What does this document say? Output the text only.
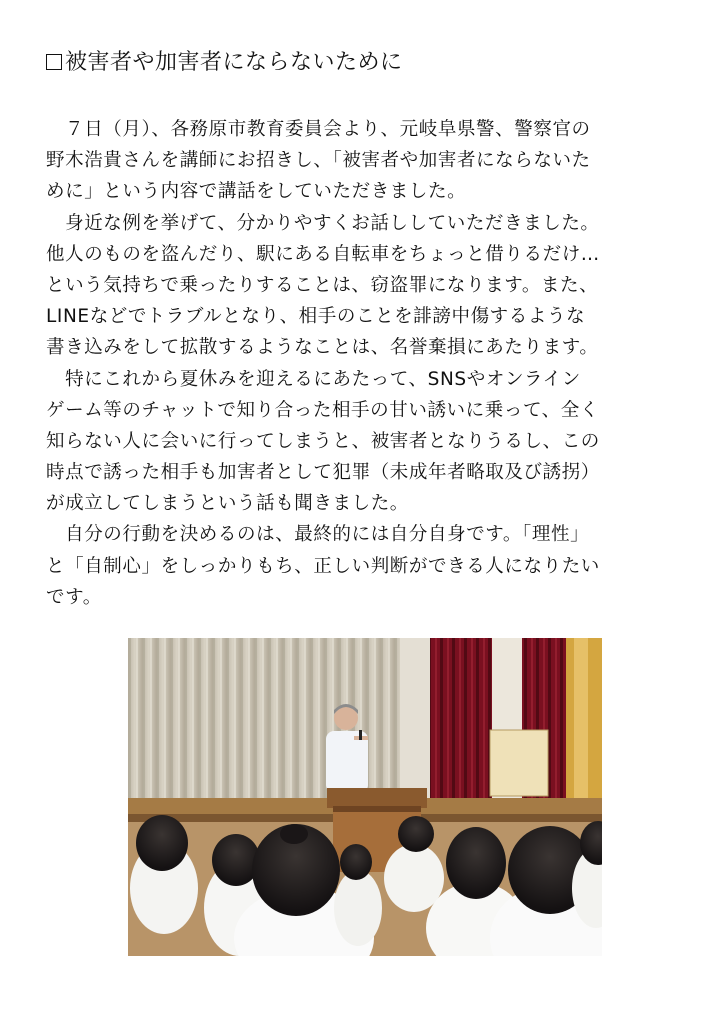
被害者や加害者にならないために
　７日（月）、各務原市教育委員会より、元岐阜県警、警察官の
野木浩貴さんを講師にお招きし、「被害者や加害者にならないた
めに」という内容で講話をしていただきました。
　身近な例を挙げて、分かりやすくお話ししていただきました。
他人のものを盗んだり、駅にある自転車をちょっと借りるだけ…
という気持ちで乗ったりすることは、窃盗罪になります。また、
LINEなどでトラブルとなり、相手のことを誹謗中傷するような
書き込みをして拡散するようなことは、名誉棄損にあたります。
　特にこれから夏休みを迎えるにあたって、SNSやオンライン
ゲーム等のチャットで知り合った相手の甘い誘いに乗って、全く
知らない人に会いに行ってしまうと、被害者となりうるし、この
時点で誘った相手も加害者として犯罪（未成年者略取及び誘拐）
が成立してしまうという話も聞きました。
　自分の行動を決めるのは、最終的には自分自身です。「理性」
と「自制心」をしっかりもち、正しい判断ができる人になりたい
です。
